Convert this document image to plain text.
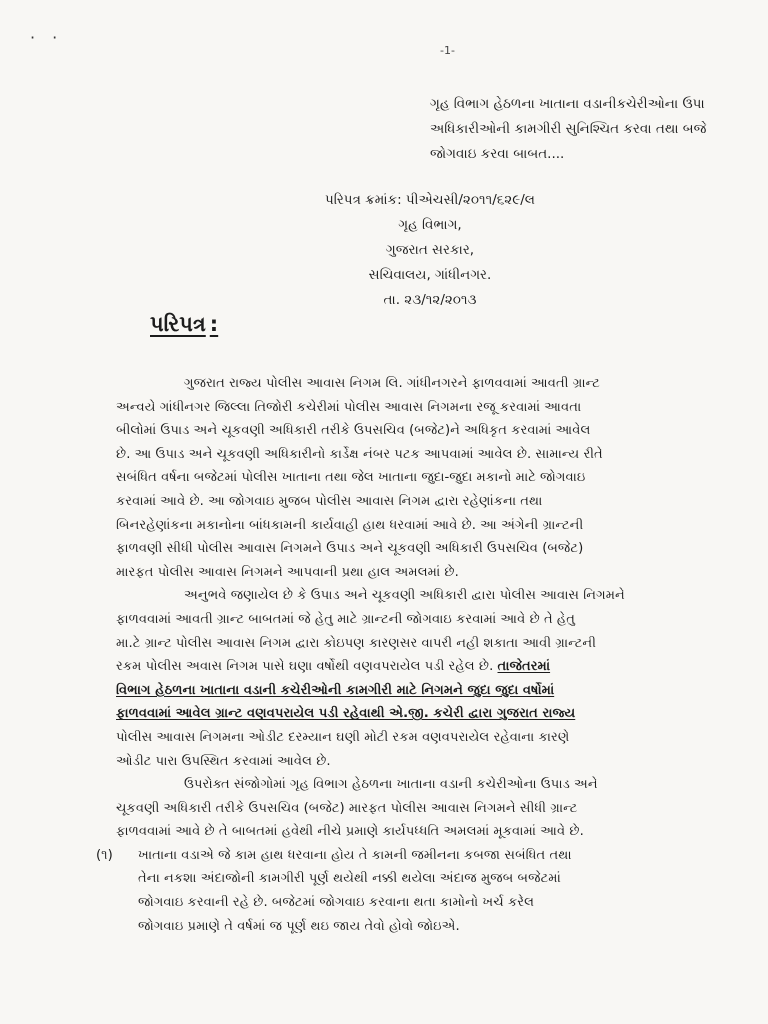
· ·
-1-
ગૃહ વિભાગ હેઠળના ખાતાના વડાનીકચેરીઓના ઉપા
અધિકારીઓની કામગીરી સુનિશ્ચિત કરવા તથા બજે
જોગવાઇ કરવા બાબત....
પરિપત્ર ક્રમાંક: પીએચસી/૨૦૧૧/૬૨૯/લ
ગૃહ વિભાગ,
ગુજરાત સરકાર,
સચિવાલય, ગાંધીનગર.
તા. ૨૩/૧૨/૨૦૧૩
પરિપત્ર :
ગુજરાત રાજ્ય પોલીસ આવાસ નિગમ લિ. ગાંધીનગરને ફાળવવામાં આવતી ગ્રાન્ટ
અન્વયે ગાંધીનગર જિલ્લા તિજોરી કચેરીમાં પોલીસ આવાસ નિગમના રજૂ કરવામાં આવતા
બીલોમાં ઉપાડ અને ચૂકવણી અધિકારી તરીકે ઉપસચિવ (બજેટ)ને અધિકૃત કરવામાં આવેલ
છે. આ ઉપાડ અને ચૂકવણી અધિકારીનો કાર્ડેક્ષ નંબર પટક આપવામાં આવેલ છે. સામાન્ય રીતે
સબંધિત વર્ષના બજેટમાં પોલીસ ખાતાના તથા જેલ ખાતાના જુદા-જુદા મકાનો માટે જોગવાઇ
કરવામાં આવે છે. આ જોગવાઇ મુજબ પોલીસ આવાસ નિગમ દ્વારા રહેણાંકના તથા
બિનરહેણાંકના મકાનોના બાંધકામની કાર્યવાહી હાથ ધરવામાં આવે છે. આ અંગેની ગ્રાન્ટની
ફાળવણી સીધી પોલીસ આવાસ નિગમને ઉપાડ અને ચૂકવણી અધિકારી ઉપસચિવ (બજેટ)
મારફત પોલીસ આવાસ નિગમને આપવાની પ્રથા હાલ અમલમાં છે.
અનુભવે જણાયેલ છે કે ઉપાડ અને ચૂકવણી અધિકારી દ્વારા પોલીસ આવાસ નિગમને
ફાળવવામાં આવતી ગ્રાન્ટ બાબતમાં જે હેતુ માટે ગ્રાન્ટની જોગવાઇ કરવામાં આવે છે તે હેતુ
મા.ટે ગ્રાન્ટ પોલીસ આવાસ નિગમ દ્વારા કોઇપણ કારણસર વાપરી નહી શકાતા આવી ગ્રાન્ટની
રકમ પોલીસ અવાસ નિગમ પાસે ઘણા વર્ષોથી વણવપરાયેલ પડી રહેલ છે. તાજેતરમાં
વિભાગ હેઠળના ખાતાના વડાની કચેરીઓની કામગીરી માટે નિગમને જુદા જુદા વર્ષોમાં
ફાળવવામાં આવેલ ગ્રાન્ટ વણવપરાયેલ પડી રહેવાથી એ.જી. કચેરી દ્વારા ગુજરાત રાજ્ય
પોલીસ આવાસ નિગમના ઓડીટ દરમ્યાન ઘણી મોટી રકમ વણવપરાયેલ રહેવાના કારણે
ઓડીટ પારા ઉપસ્થિત કરવામાં આવેલ છે.
ઉપરોક્ત સંજોગોમાં ગૃહ વિભાગ હેઠળના ખાતાના વડાની કચેરીઓના ઉપાડ અને
ચૂકવણી અધિકારી તરીકે ઉપસચિવ (બજેટ) મારફત પોલીસ આવાસ નિગમને સીધી ગ્રાન્ટ
ફાળવવામાં આવે છે તે બાબતમાં હવેથી નીચે પ્રમાણે કાર્યપધ્ધતિ અમલમાં મૂકવામાં આવે છે.
(૧)	ખાતાના વડાએ જે કામ હાથ ધરવાના હોય તે કામની જમીનના કબજા સબંધિત તથા
તેના નકશા અંદાજોની કામગીરી પૂર્ણ થયેથી નક્કી થયેલા અંદાજ મુજબ બજેટમાં
જોગવાઇ કરવાની રહે છે. બજેટમાં જોગવાઇ કરવાના થતા કામોનો ખર્ચ કરેલ
જોગવાઇ પ્રમાણે તે વર્ષમાં જ પૂર્ણ થઇ જાય તેવો હોવો જોઇએ.
